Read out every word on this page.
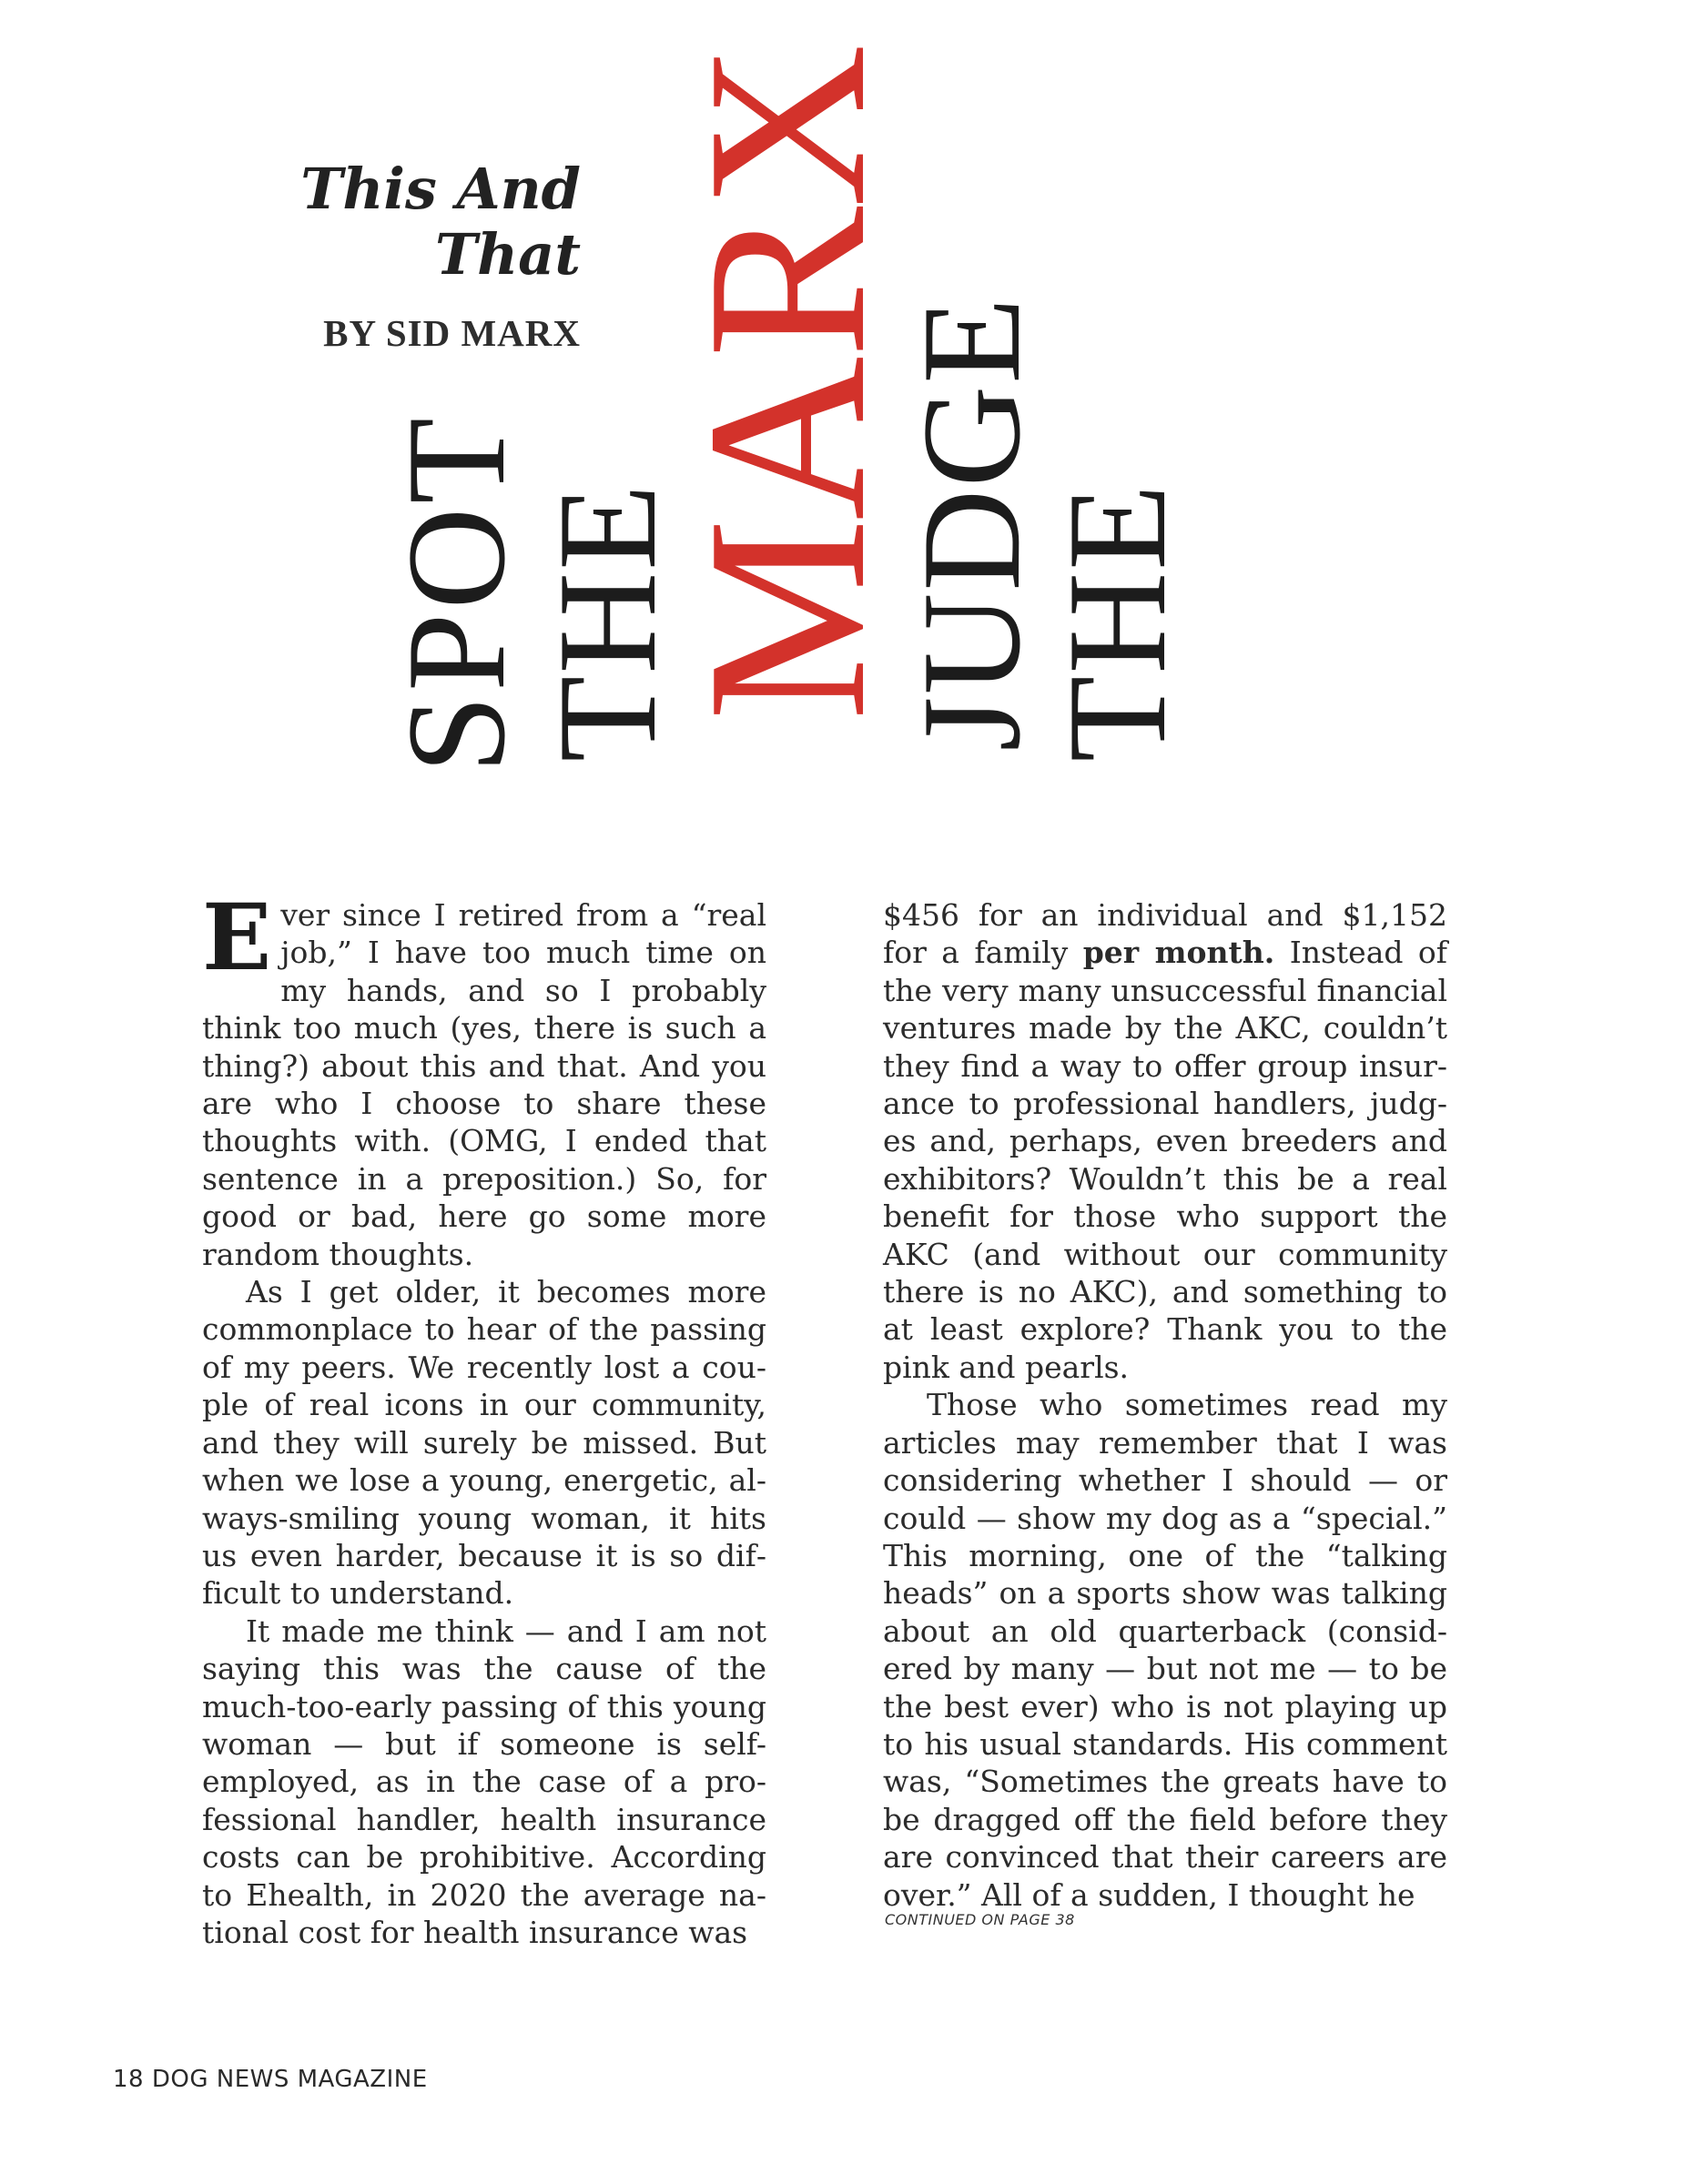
This And
That

BY SID MARX

SPOT
THE
MARX
JUDGE
THE

Ever since I retired from a “real job,” I have too much time on my hands, and so I probably think too much (yes, there is such a thing?) about this and that. And you are who I choose to share these thoughts with. (OMG, I ended that sentence in a preposition.) So, for good or bad, here go some more random thoughts.

As I get older, it becomes more commonplace to hear of the passing of my peers. We recently lost a couple of real icons in our community, and they will surely be missed. But when we lose a young, energetic, always-smiling young woman, it hits us even harder, because it is so difficult to understand.

It made me think — and I am not saying this was the cause of the much-too-early passing of this young woman — but if someone is self-employed, as in the case of a professional handler, health insurance costs can be prohibitive. According to Ehealth, in 2020 the average national cost for health insurance was

$456 for an individual and $1,152 for a family per month. Instead of the very many unsuccessful financial ventures made by the AKC, couldn’t they find a way to offer group insurance to professional handlers, judges and, perhaps, even breeders and exhibitors? Wouldn’t this be a real benefit for those who support the AKC (and without our community there is no AKC), and something to at least explore? Thank you to the pink and pearls.

Those who sometimes read my articles may remember that I was considering whether I should — or could — show my dog as a “special.” This morning, one of the “talking heads” on a sports show was talking about an old quarterback (considered by many — but not me — to be the best ever) who is not playing up to his usual standards. His comment was, “Sometimes the greats have to be dragged off the field before they are convinced that their careers are over.” All of a sudden, I thought he

CONTINUED ON PAGE 38

18 DOG NEWS MAGAZINE
